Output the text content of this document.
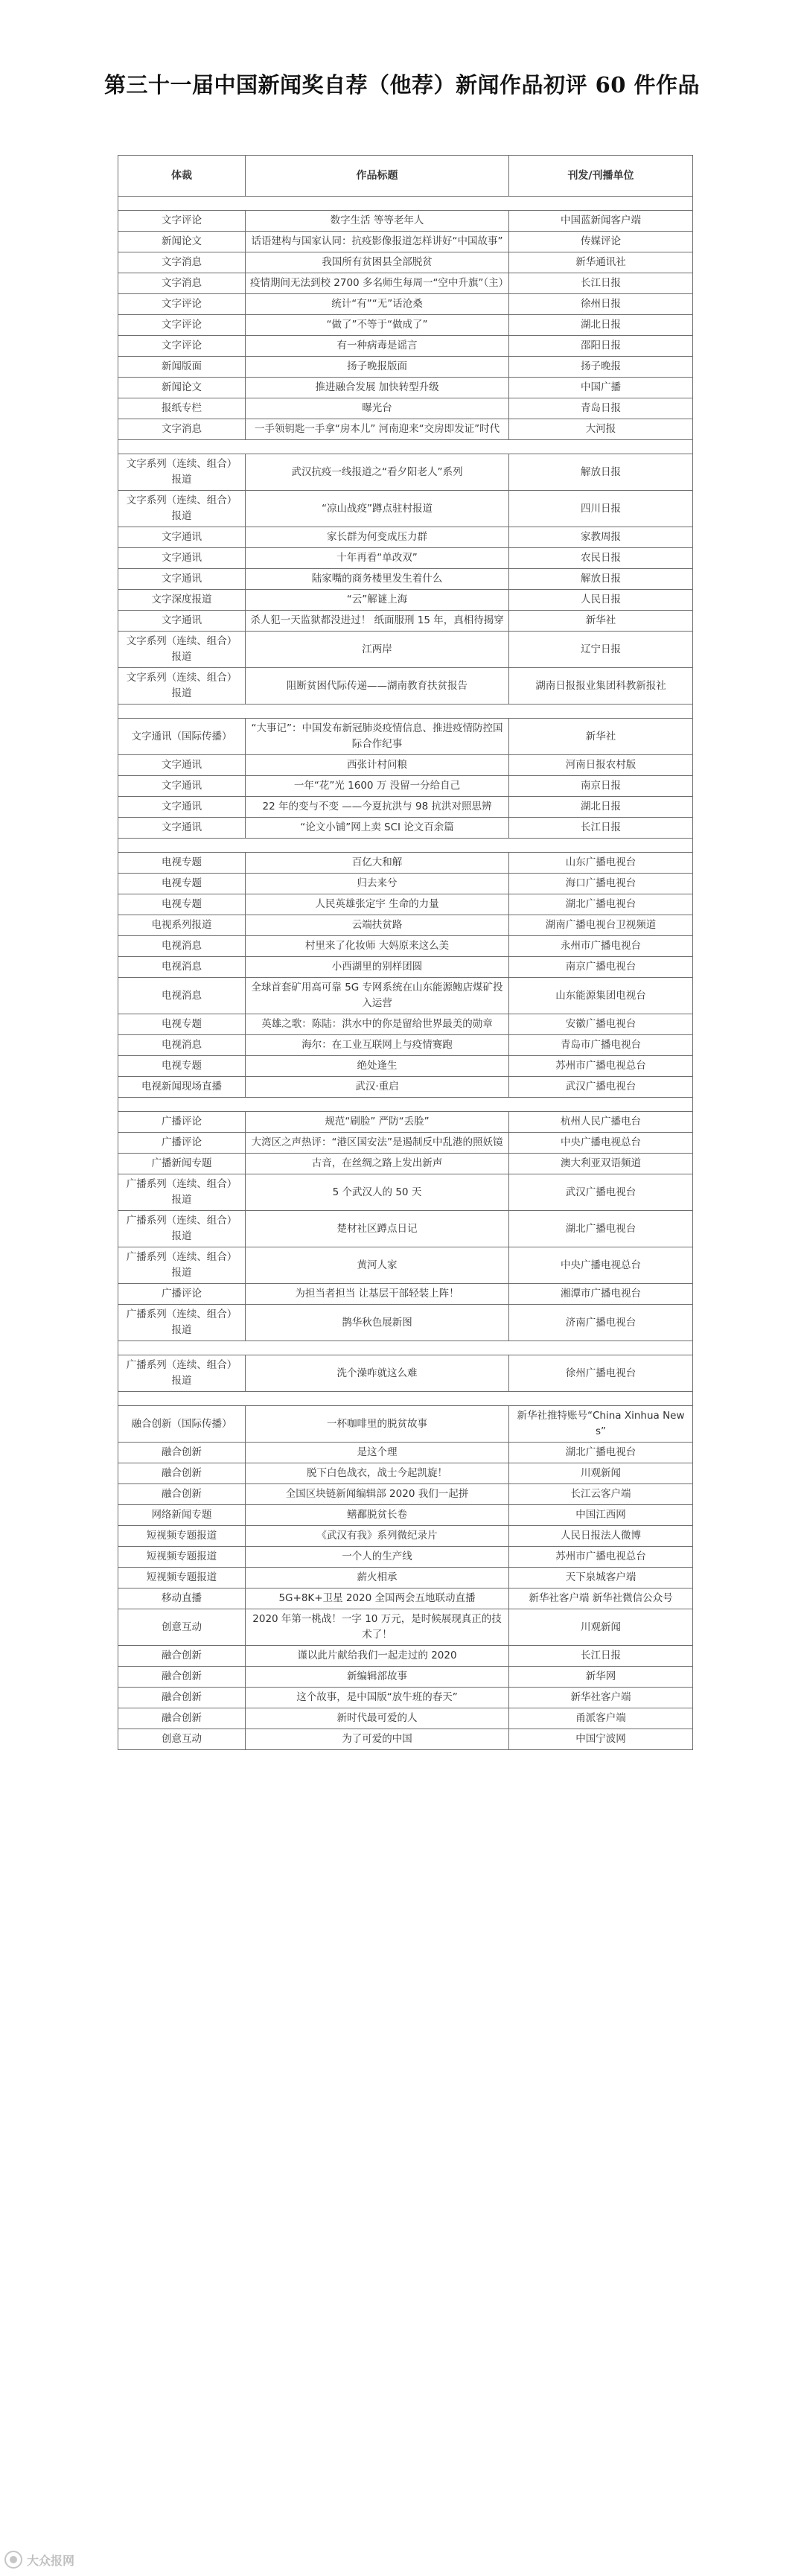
第三十一届中国新闻奖自荐（他荐）新闻作品初评 60 件作品
体裁	作品标题	刊发/刊播单位

文字评论	数字生活 等等老年人	中国蓝新闻客户端
新闻论文	话语建构与国家认同：抗疫影像报道怎样讲好“中国故事”	传媒评论
文字消息	我国所有贫困县全部脱贫	新华通讯社
文字消息	疫情期间无法到校 2700 多名师生每周一“空中升旗”（主）	长江日报
文字评论	统计“有”“无”话沧桑	徐州日报
文字评论	“做了”不等于“做成了”	湖北日报
文字评论	有一种病毒是谣言	邵阳日报
新闻版面	扬子晚报版面	扬子晚报
新闻论文	推进融合发展 加快转型升级	中国广播
报纸专栏	曝光台	青岛日报
文字消息	一手领钥匙一手拿“房本儿” 河南迎来“交房即发证”时代	大河报

文字系列（连续、组合）报道	武汉抗疫一线报道之“看夕阳老人”系列	解放日报
文字系列（连续、组合）报道	“凉山战疫”蹲点驻村报道	四川日报
文字通讯	家长群为何变成压力群	家教周报
文字通讯	十年再看“单改双”	农民日报
文字通讯	陆家嘴的商务楼里发生着什么	解放日报
文字深度报道	“云”解谜上海	人民日报
文字通讯	杀人犯一天监狱都没进过！ 纸面服刑 15 年，真相待揭穿	新华社
文字系列（连续、组合）报道	江两岸	辽宁日报
文字系列（连续、组合）报道	阻断贫困代际传递——湖南教育扶贫报告	湖南日报报业集团科教新报社

文字通讯（国际传播）	“大事记”：中国发布新冠肺炎疫情信息、推进疫情防控国际合作纪事	新华社
文字通讯	西张计村问粮	河南日报农村版
文字通讯	一年“花”光 1600 万 没留一分给自己	南京日报
文字通讯	22 年的变与不变 ——今夏抗洪与 98 抗洪对照思辨	湖北日报
文字通讯	“论文小铺”网上卖 SCI 论文百余篇	长江日报

电视专题	百亿大和解	山东广播电视台
电视专题	归去来兮	海口广播电视台
电视专题	人民英雄张定宇 生命的力量	湖北广播电视台
电视系列报道	云端扶贫路	湖南广播电视台卫视频道
电视消息	村里来了化妆师 大妈原来这么美	永州市广播电视台
电视消息	小西湖里的别样团圆	南京广播电视台
电视消息	全球首套矿用高可靠 5G 专网系统在山东能源鲍店煤矿投入运营	山东能源集团电视台
电视专题	英雄之歌：陈陆：洪水中的你是留给世界最美的勋章	安徽广播电视台
电视消息	海尔：在工业互联网上与疫情赛跑	青岛市广播电视台
电视专题	绝处逢生	苏州市广播电视总台
电视新闻现场直播	武汉·重启	武汉广播电视台

广播评论	规范“刷脸” 严防“丢脸”	杭州人民广播电台
广播评论	大湾区之声热评：“港区国安法”是遏制反中乱港的照妖镜	中央广播电视总台
广播新闻专题	古音，在丝绸之路上发出新声	澳大利亚双语频道
广播系列（连续、组合）报道	5 个武汉人的 50 天	武汉广播电视台
广播系列（连续、组合）报道	楚材社区蹲点日记	湖北广播电视台
广播系列（连续、组合）报道	黄河人家	中央广播电视总台
广播评论	为担当者担当 让基层干部轻装上阵！	湘潭市广播电视台
广播系列（连续、组合）报道	鹊华秋色展新图	济南广播电视台

广播系列（连续、组合）报道	洗个澡咋就这么难	徐州广播电视台

融合创新（国际传播）	一杯咖啡里的脱贫故事	新华社推特账号“China Xinhua News”
融合创新	是这个理	湖北广播电视台
融合创新	脱下白色战衣，战士今起凯旋！	川观新闻
融合创新	全国区块链新闻编辑部 2020 我们一起拼	长江云客户端
网络新闻专题	鳝鄱脱贫长卷	中国江西网
短视频专题报道	《武汉有我》系列微纪录片	人民日报法人微博
短视频专题报道	一个人的生产线	苏州市广播电视总台
短视频专题报道	薪火相承	天下泉城客户端
移动直播	5G+8K+卫星 2020 全国两会五地联动直播	新华社客户端 新华社微信公众号
创意互动	2020 年第一桃战！一字 10 万元，是时候展现真正的技术了！	川观新闻
融合创新	谨以此片献给我们一起走过的 2020	长江日报
融合创新	新编辑部故事	新华网
融合创新	这个故事，是中国版“放牛班的春天”	新华社客户端
融合创新	新时代最可爱的人	甬派客户端
创意互动	为了可爱的中国	中国宁波网
大众报网
